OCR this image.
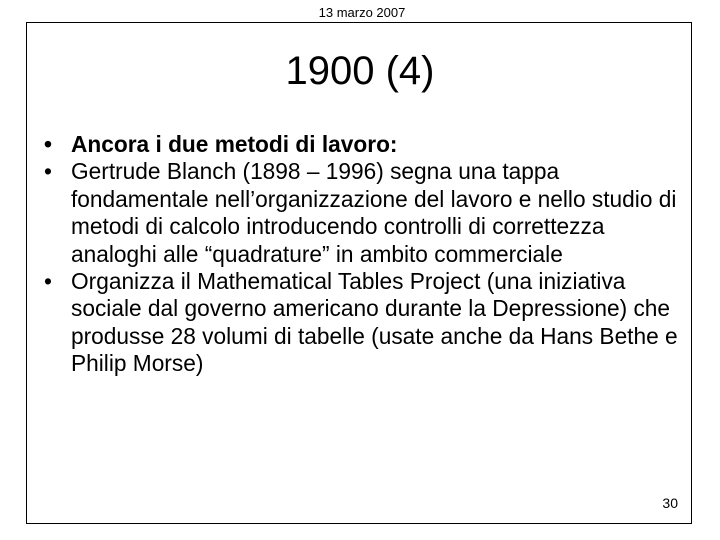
13 marzo 2007
1900 (4)
• Ancora i due metodi di lavoro:
• Gertrude Blanch (1898 – 1996) segna una tappa fondamentale nell’organizzazione del lavoro e nello studio di metodi di calcolo introducendo controlli di correttezza analoghi alle “quadrature” in ambito commerciale
• Organizza il Mathematical Tables Project (una iniziativa sociale dal governo americano durante la Depressione) che produsse 28 volumi di tabelle (usate anche da Hans Bethe e Philip Morse)
30
